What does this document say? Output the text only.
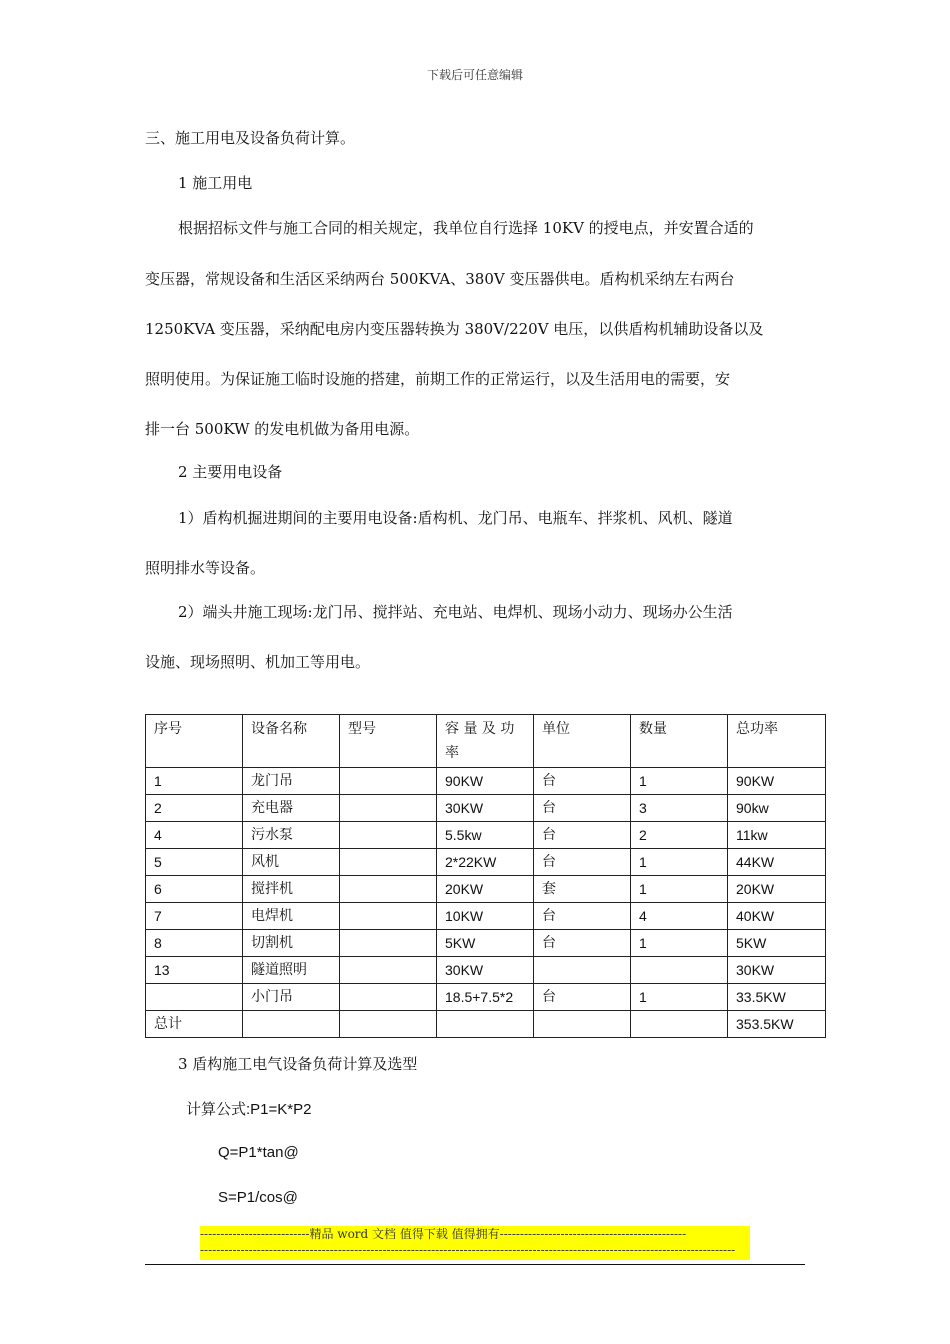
下载后可任意编辑
三、施工用电及设备负荷计算。
1 施工用电
根据招标文件与施工合同的相关规定，我单位自行选择 10KV 的授电点，并安置合适的
变压器，常规设备和生活区采纳两台 500KVA、380V 变压器供电。盾构机采纳左右两台
1250KVA 变压器，采纳配电房内变压器转换为 380V/220V 电压，以供盾构机辅助设备以及
照明使用。为保证施工临时设施的搭建，前期工作的正常运行，以及生活用电的需要，安
排一台 500KW 的发电机做为备用电源。
2 主要用电设备
1）盾构机掘进期间的主要用电设备:盾构机、龙门吊、电瓶车、拌浆机、风机、隧道
照明排水等设备。
2）端头井施工现场:龙门吊、搅拌站、充电站、电焊机、现场小动力、现场办公生活
设施、现场照明、机加工等用电。
序号	设备名称	型号	容 量 及 功 率	单位	数量	总功率
1	龙门吊		90KW	台	1	90KW
2	充电器		30KW	台	3	90kw
4	污水泵		5.5kw	台	2	11kw
5	风机		2*22KW	台	1	44KW
6	搅拌机		20KW	套	1	20KW
7	电焊机		10KW	台	4	40KW
8	切割机		5KW	台	1	5KW
13	隧道照明		30KW			30KW
	小门吊		18.5+7.5*2	台	1	33.5KW
总计						353.5KW
3 盾构施工电气设备负荷计算及选型
计算公式:P1=K*P2
Q=P1*tan@
S=P1/cos@
---------------------------精品 word 文档 值得下载 值得拥有----------------------------------------------
------------------------------------------------------------------------------------------------------------------------------------
